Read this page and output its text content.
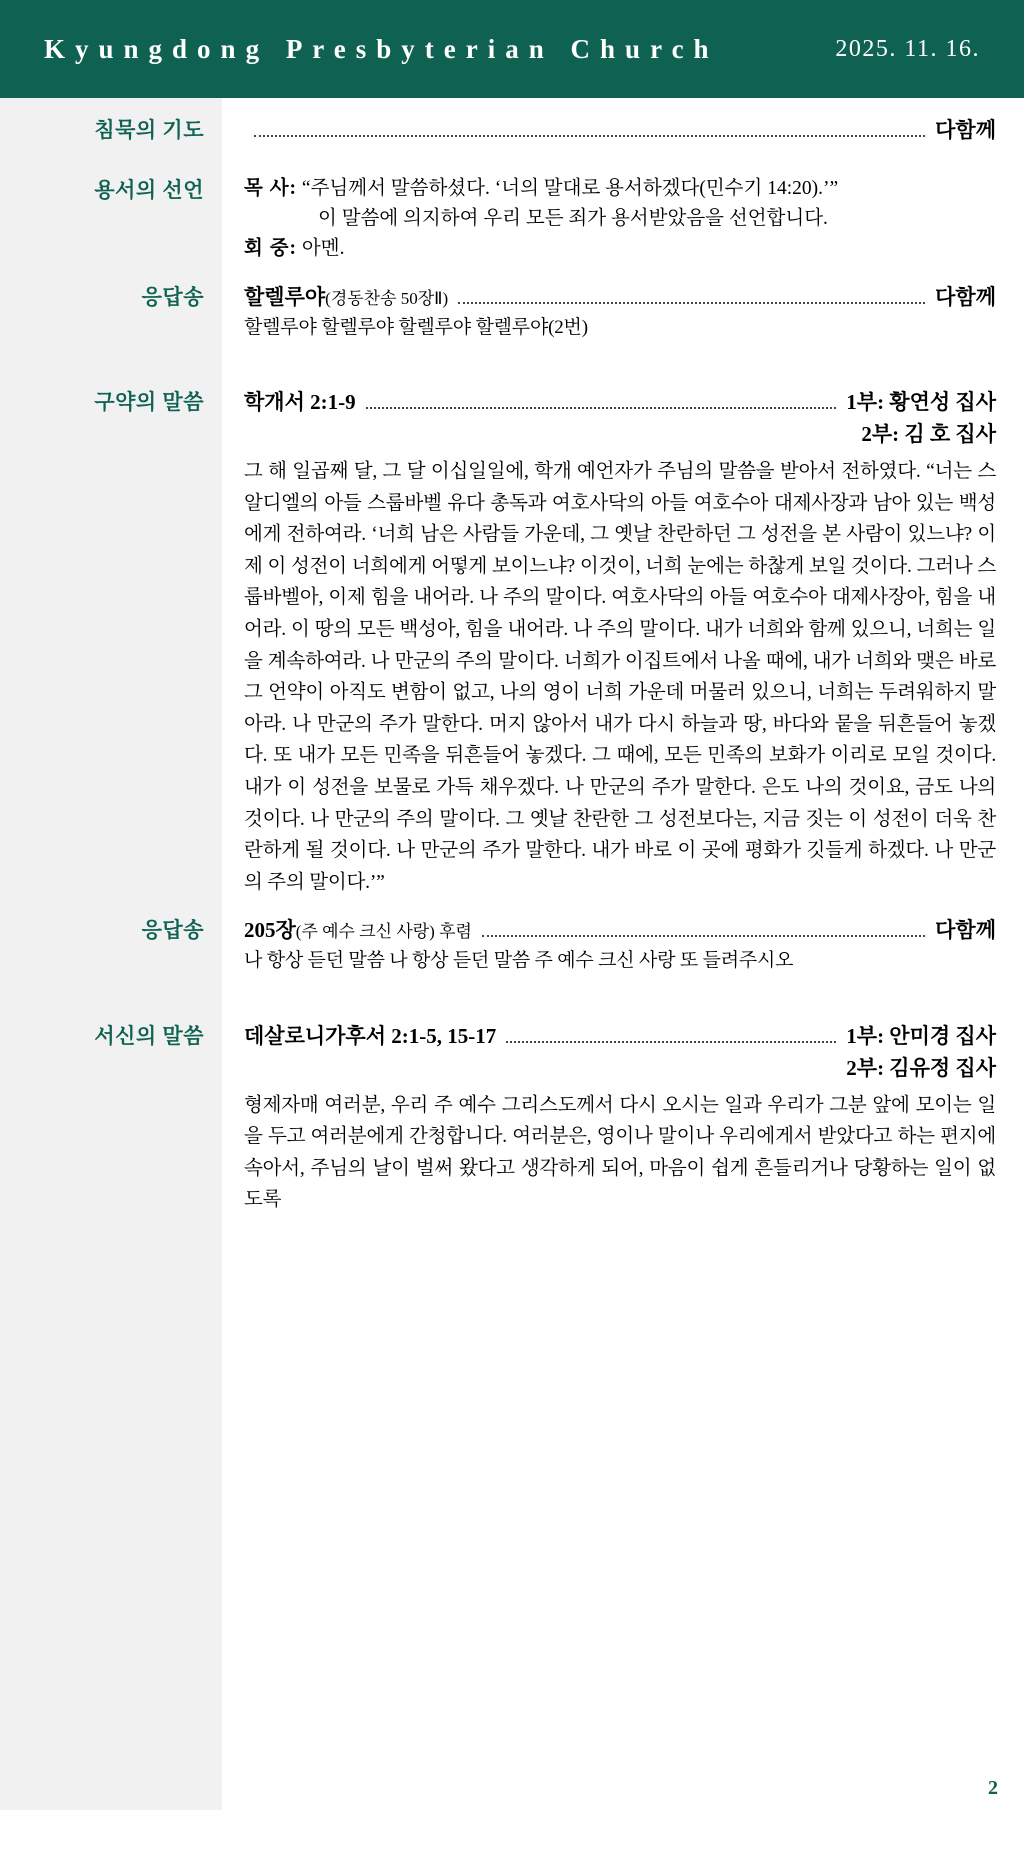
Kyungdong Presbyterian Church	2025. 11. 16.
침묵의 기도	다함께
용서의 선언	목 사: “주님께서 말씀하셨다. ‘너의 말대로 용서하겠다(민수기 14:20).’”
이 말씀에 의지하여 우리 모든 죄가 용서받았음을 선언합니다.
회 중: 아멘.
응답송	할렐루야(경동찬송 50장Ⅱ)	다함께
할렐루야 할렐루야 할렐루야 할렐루야(2번)
구약의 말씀	학개서 2:1-9	1부: 황연성 집사
2부: 김 호 집사
그 해 일곱째 달, 그 달 이십일일에, 학개 예언자가 주님의 말씀을 받아서 전하였다. “너는 스알디엘의 아들 스룹바벨 유다 총독과 여호사닥의 아들 여호수아 대제사장과 남아 있는 백성에게 전하여라. ‘너희 남은 사람들 가운데, 그 옛날 찬란하던 그 성전을 본 사람이 있느냐? 이제 이 성전이 너희에게 어떻게 보이느냐? 이것이, 너희 눈에는 하찮게 보일 것이다. 그러나 스룹바벨아, 이제 힘을 내어라. 나 주의 말이다. 여호사닥의 아들 여호수아 대제사장아, 힘을 내어라. 이 땅의 모든 백성아, 힘을 내어라. 나 주의 말이다. 내가 너희와 함께 있으니, 너희는 일을 계속하여라. 나 만군의 주의 말이다. 너희가 이집트에서 나올 때에, 내가 너희와 맺은 바로 그 언약이 아직도 변함이 없고, 나의 영이 너희 가운데 머물러 있으니, 너희는 두려워하지 말아라. 나 만군의 주가 말한다. 머지 않아서 내가 다시 하늘과 땅, 바다와 뭍을 뒤흔들어 놓겠다. 또 내가 모든 민족을 뒤흔들어 놓겠다. 그 때에, 모든 민족의 보화가 이리로 모일 것이다. 내가 이 성전을 보물로 가득 채우겠다. 나 만군의 주가 말한다. 은도 나의 것이요, 금도 나의 것이다. 나 만군의 주의 말이다. 그 옛날 찬란한 그 성전보다는, 지금 짓는 이 성전이 더욱 찬란하게 될 것이다. 나 만군의 주가 말한다. 내가 바로 이 곳에 평화가 깃들게 하겠다. 나 만군의 주의 말이다.’”
응답송	205장(주 예수 크신 사랑) 후렴	다함께
나 항상 듣던 말씀 나 항상 듣던 말씀 주 예수 크신 사랑 또 들려주시오
서신의 말씀	데살로니가후서 2:1-5, 15-17	1부: 안미경 집사
2부: 김유정 집사
형제자매 여러분, 우리 주 예수 그리스도께서 다시 오시는 일과 우리가 그분 앞에 모이는 일을 두고 여러분에게 간청합니다. 여러분은, 영이나 말이나 우리에게서 받았다고 하는 편지에 속아서, 주님의 날이 벌써 왔다고 생각하게 되어, 마음이 쉽게 흔들리거나 당황하는 일이 없도록
2
